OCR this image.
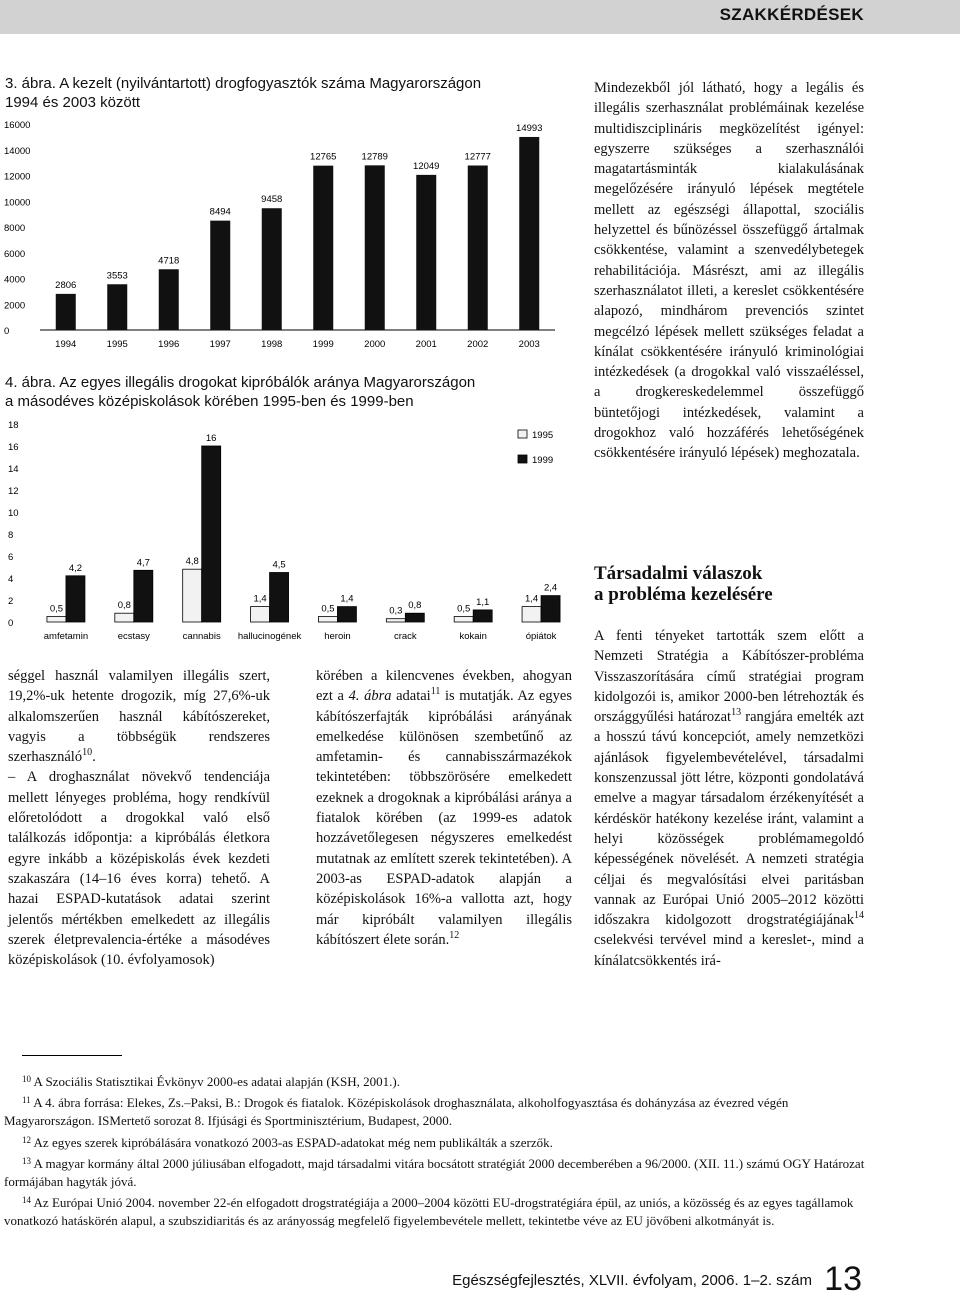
SZAKKÉRDÉSEK
3. ábra. A kezelt (nyilvántartott) drogfogyasztók száma Magyarországon
1994 és 2003 között
0
2000
4000
6000
8000
10000
12000
14000
16000
2806
1994
3553
1995
4718
1996
8494
1997
9458
1998
12765
1999
12789
2000
12049
2001
12777
2002
14993
2003
4. ábra. Az egyes illegális drogokat kipróbálók aránya Magyarországon
a másodéves középiskolások körében 1995-ben és 1999-ben
0
2
4
6
8
10
12
14
16
18
0,5
4,2
amfetamin
0,8
4,7
ecstasy
4,8
16
cannabis
1,4
4,5
hallucinogének
0,5
1,4
heroin
0,3 0,8
crack
0,5
1,1
kokain
1,4
2,4
ópiátok
1995
1999

séggel használ valamilyen illegális szert, 19,2%-uk hetente drogozik, míg 27,6%-uk alkalomszerűen használ kábítószereket, vagyis a többségük rendszeres szerhasználó$^{10}$.

– A droghasználat növekvő tendenciája mellett lényeges probléma, hogy rendkívül előretolódott a drogokkal való első találkozás időpontja: a kipróbálás életkora egyre inkább a középiskolás évek kezdeti szakaszára (14–16 éves korra) tehető. A hazai ESPAD-kutatások adatai szerint jelentős mértékben emelkedett az illegális szerek életprevalencia-értéke a másodéves középiskolások (10. évfolyamosok)

körében a kilencvenes években, ahogyan ezt a 4. ábra adatai$^{11}$ is mutatják. Az egyes kábítószerfajták kipróbálási arányának emelkedése különösen szembetűnő az amfetamin- és cannabisszármazékok tekintetében: többszörösére emelkedett ezeknek a drogoknak a kipróbálási aránya a fiatalok körében (az 1999-es adatok hozzávetőlegesen négyszeres emelkedést mutatnak az említett szerek tekintetében). A 2003-as ESPAD-adatok alapján a középiskolások 16%-a vallotta azt, hogy már kipróbált valamilyen illegális kábítószert élete során.$^{12}$

Mindezekből jól látható, hogy a legális és illegális szerhasználat problémáinak kezelése multidiszciplináris megközelítést igényel: egyszerre szükséges a szerhasználói magatartásminták kialakulásának megelőzésére irányuló lépések megtétele mellett az egészségi állapottal, szociális helyzettel és bűnözéssel összefüggő ártalmak csökkentése, valamint a szenvedélybetegek rehabilitációja. Másrészt, ami az illegális szerhasználatot illeti, a kereslet csökkentésére alapozó, mindhárom prevenciós szintet megcélzó lépések mellett szükséges feladat a kínálat csökkentésére irányuló kriminológiai intézkedések (a drogokkal való visszaéléssel, a drogkereskedelemmel összefüggő büntetőjogi intézkedések, valamint a drogokhoz való hozzáférés lehetőségének csökkentésére irányuló lépések) meghozatala.

Társadalmi válaszok
a probléma kezelésére

A fenti tényeket tartották szem előtt a Nemzeti Stratégia a Kábítószer-probléma Visszaszorítására című stratégiai program kidolgozói is, amikor 2000-ben létrehozták és országgyűlési határozat$^{13}$ rangjára emelték azt a hosszú távú koncepciót, amely nemzetközi ajánlások figyelembevételével, társadalmi konszenzussal jött létre, központi gondolatává emelve a magyar társadalom érzékenyítését a kérdéskör hatékony kezelése iránt, valamint a helyi közösségek problémamegoldó képességének növelését. A nemzeti stratégia céljai és megvalósítási elvei paritásban vannak az Európai Unió 2005–2012 közötti időszakra kidolgozott drogstratégiájának$^{14}$ cselekvési tervével mind a kereslet-, mind a kínálatcsökkentés irá-

$^{10}$ A Szociális Statisztikai Évkönyv 2000-es adatai alapján (KSH, 2001.).

$^{11}$ A 4. ábra forrása: Elekes, Zs.–Paksi, B.: Drogok és fiatalok. Középiskolások droghasználata, alkoholfogyasztása és dohányzása az évezred végén Magyarországon. ISMertető sorozat 8. Ifjúsági és Sportminisztérium, Budapest, 2000.

$^{12}$ Az egyes szerek kipróbálására vonatkozó 2003-as ESPAD-adatokat még nem publikálták a szerzők.

$^{13}$ A magyar kormány által 2000 júliusában elfogadott, majd társadalmi vitára bocsátott stratégiát 2000 decemberében a 96/2000. (XII. 11.) számú OGY Határozat formájában hagyták jóvá.

$^{14}$ Az Európai Unió 2004. november 22-én elfogadott drogstratégiája a 2000–2004 közötti EU-drogstratégiára épül, az uniós, a közösség és az egyes tagállamok vonatkozó hatáskörén alapul, a szubszidiaritás és az arányosság megfelelő figyelembevétele mellett, tekintetbe véve az EU jövőbeni alkotmányát is.

Egészségfejlesztés, XLVII. évfolyam, 2006. 1–2. szám 13
